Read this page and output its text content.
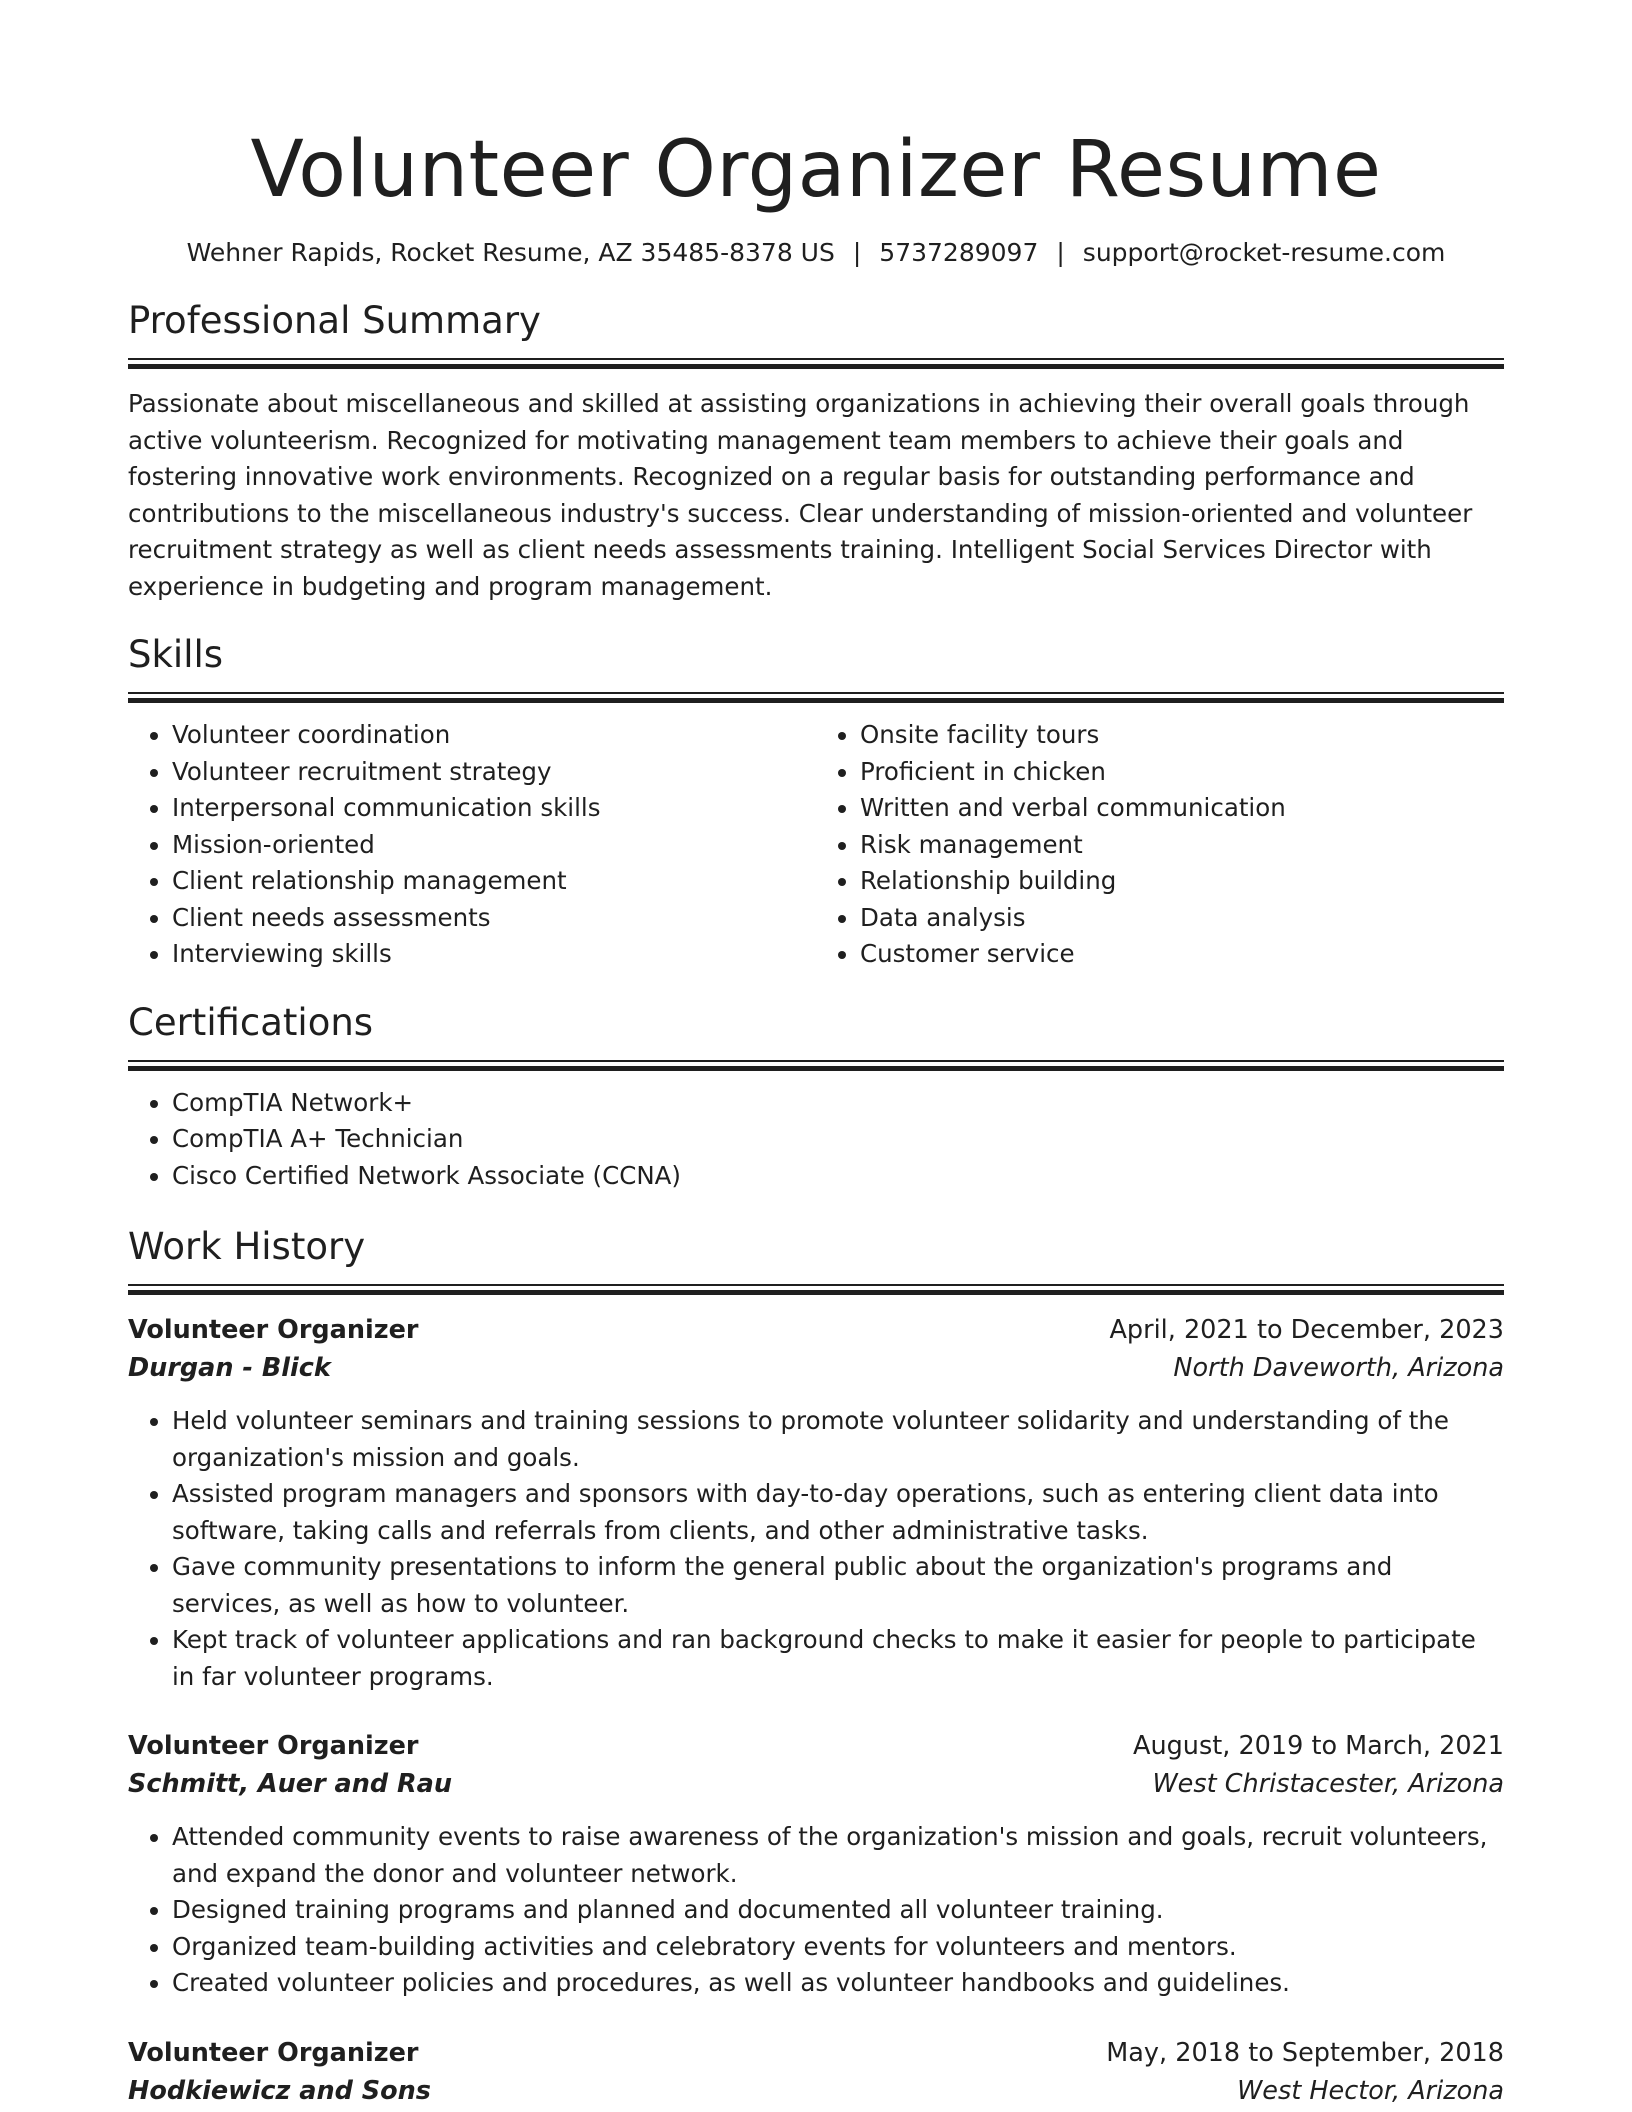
Volunteer Organizer Resume
Wehner Rapids, Rocket Resume, AZ 35485-8378 US | 5737289097 | support@rocket-resume.com
Professional Summary

Passionate about miscellaneous and skilled at assisting organizations in achieving their overall goals through active volunteerism. Recognized for motivating management team members to achieve their goals and fostering innovative work environments. Recognized on a regular basis for outstanding performance and contributions to the miscellaneous industry's success. Clear understanding of mission-oriented and volunteer recruitment strategy as well as client needs assessments training. Intelligent Social Services Director with experience in budgeting and program management.

Skills
• Volunteer coordination
• Volunteer recruitment strategy
• Interpersonal communication skills
• Mission-oriented
• Client relationship management
• Client needs assessments
• Interviewing skills
• Onsite facility tours
• Proficient in chicken
• Written and verbal communication
• Risk management
• Relationship building
• Data analysis
• Customer service
Certifications
• CompTIA Network+
• CompTIA A+ Technician
• Cisco Certified Network Associate (CCNA)
Work History
Volunteer Organizer	April, 2021 to December, 2023
Durgan - Blick	North Daveworth, Arizona
• Held volunteer seminars and training sessions to promote volunteer solidarity and understanding of the organization's mission and goals.
• Assisted program managers and sponsors with day-to-day operations, such as entering client data into software, taking calls and referrals from clients, and other administrative tasks.
• Gave community presentations to inform the general public about the organization's programs and services, as well as how to volunteer.
• Kept track of volunteer applications and ran background checks to make it easier for people to participate in far volunteer programs.
Volunteer Organizer	August, 2019 to March, 2021
Schmitt, Auer and Rau	West Christacester, Arizona
• Attended community events to raise awareness of the organization's mission and goals, recruit volunteers, and expand the donor and volunteer network.
• Designed training programs and planned and documented all volunteer training.
• Organized team-building activities and celebratory events for volunteers and mentors.
• Created volunteer policies and procedures, as well as volunteer handbooks and guidelines.
Volunteer Organizer	May, 2018 to September, 2018
Hodkiewicz and Sons	West Hector, Arizona
